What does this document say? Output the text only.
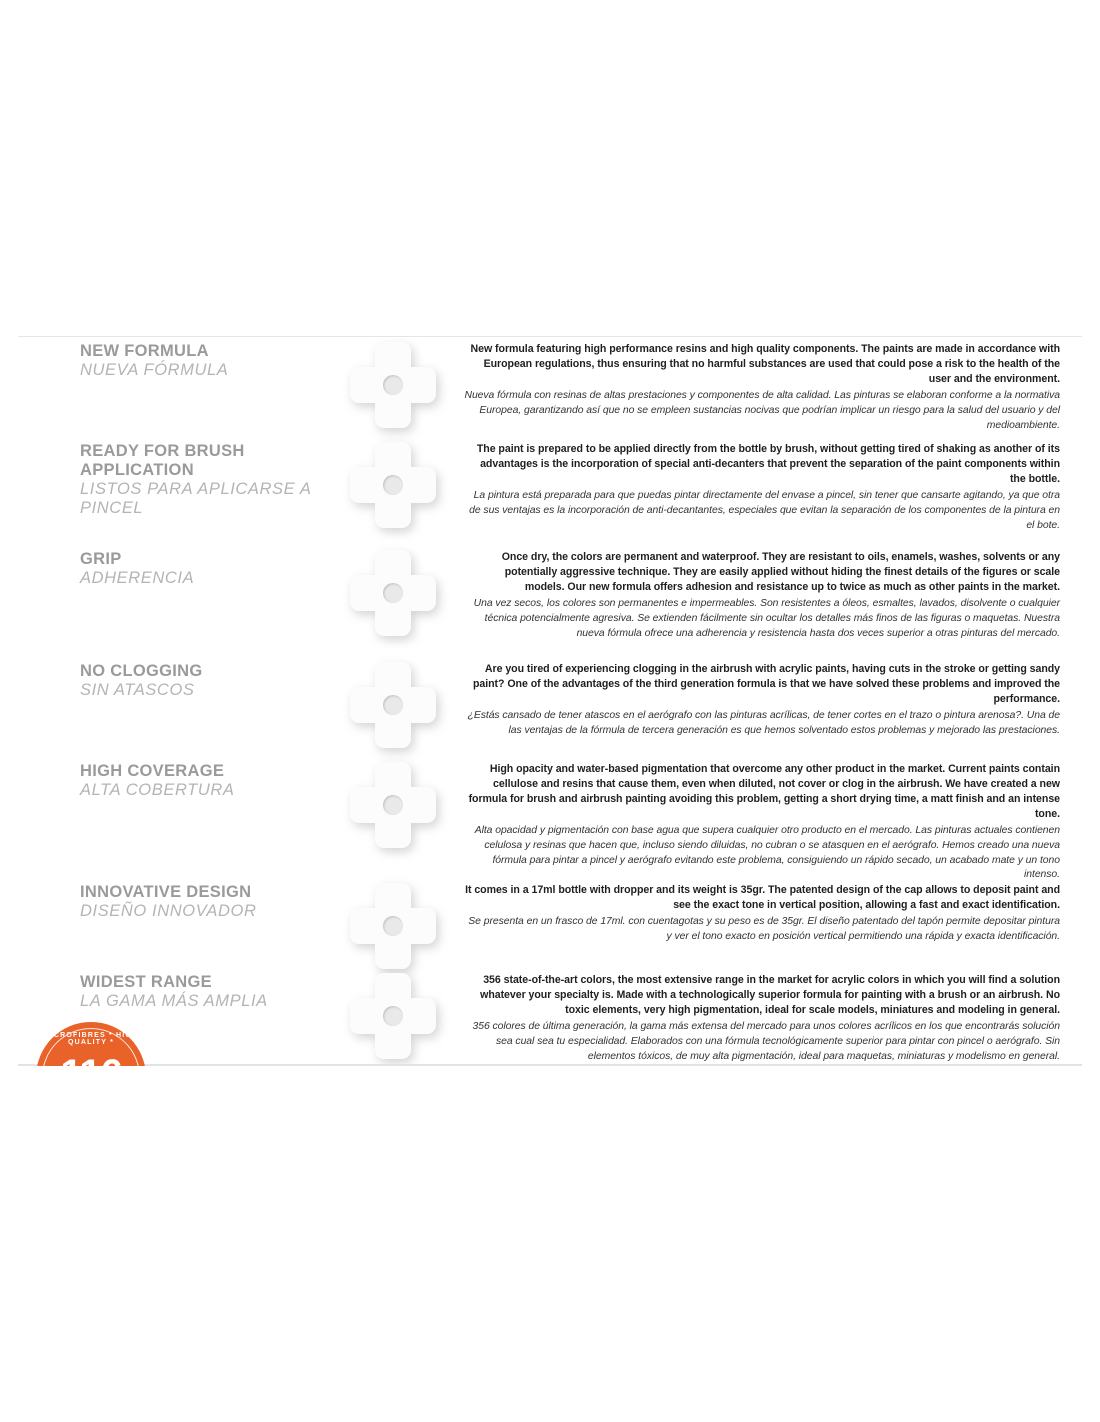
NEW FORMULA

NUEVA FÓRMULA

New formula featuring high performance resins and high quality components. The paints are made in accordance with European regulations, thus ensuring that no harmful substances are used that could pose a risk to the health of the user and the environment.

Nueva fórmula con resinas de altas prestaciones y componentes de alta calidad. Las pinturas se elaboran conforme a la normativa Europea, garantizando así que no se empleen sustancias nocivas que podrían implicar un riesgo para la salud del usuario y del medioambiente.

READY FOR BRUSH APPLICATION

LISTOS PARA APLICARSE A PINCEL

The paint is prepared to be applied directly from the bottle by brush, without getting tired of shaking as another of its advantages is the incorporation of special anti-decanters that prevent the separation of the paint components within the bottle.

La pintura está preparada para que puedas pintar directamente del envase a pincel, sin tener que cansarte agitando, ya que otra de sus ventajas es la incorporación de anti-decantantes, especiales que evitan la separación de los componentes de la pintura en el bote.

GRIP

ADHERENCIA

Once dry, the colors are permanent and waterproof. They are resistant to oils, enamels, washes, solvents or any potentially aggressive technique. They are easily applied without hiding the finest details of the figures or scale models. Our new formula offers adhesion and resistance up to twice as much as other paints in the market.

Una vez secos, los colores son permanentes e impermeables. Son resistentes a óleos, esmaltes, lavados, disolvente o cualquier técnica potencialmente agresiva. Se extienden fácilmente sin ocultar los detalles más finos de las figuras o maquetas. Nuestra nueva fórmula ofrece una adherencia y resistencia hasta dos veces superior a otras pinturas del mercado.

NO CLOGGING

SIN ATASCOS

Are you tired of experiencing clogging in the airbrush with acrylic paints, having cuts in the stroke or getting sandy paint? One of the advantages of the third generation formula is that we have solved these problems and improved the performance.

¿Estás cansado de tener atascos en el aerógrafo con las pinturas acrílicas, de tener cortes en el trazo o pintura arenosa?. Una de las ventajas de la fórmula de tercera generación es que hemos solventado estos problemas y mejorado las prestaciones.

HIGH COVERAGE

ALTA COBERTURA

High opacity and water-based pigmentation that overcome any other product in the market. Current paints contain cellulose and resins that cause them, even when diluted, not cover or clog in the airbrush. We have created a new formula for brush and airbrush painting avoiding this problem, getting a short drying time, a matt finish and an intense tone.

Alta opacidad y pigmentación con base agua que supera cualquier otro producto en el mercado. Las pinturas actuales contienen celulosa y resinas que hacen que, incluso siendo diluidas, no cubran o se atasquen en el aerógrafo. Hemos creado una nueva fórmula para pintar a pincel y aerógrafo evitando este problema, consiguiendo un rápido secado, un acabado mate y un tono intenso.

INNOVATIVE DESIGN

DISEÑO INNOVADOR

It comes in a 17ml bottle with dropper and its weight is 35gr. The patented design of the cap allows to deposit paint and see the exact tone in vertical position, allowing a fast and exact identification.

Se presenta en un frasco de 17ml. con cuentagotas y su peso es de 35gr. El diseño patentado del tapón permite depositar pintura y ver el tono exacto en posición vertical permitiendo una rápida y exacta identificación.

WIDEST RANGE

LA GAMA MÁS AMPLIA

356 state-of-the-art colors, the most extensive range in the market for acrylic colors in which you will find a solution whatever your specialty is. Made with a technologically superior formula for painting with a brush or an airbrush. No toxic elements, very high pigmentation, ideal for scale models, miniatures and modeling in general.

356 colores de última generación, la gama más extensa del mercado para unos colores acrílicos en los que encontrarás solución sea cual sea tu especialidad. Elaborados con una fórmula tecnológicamente superior para pintar con pincel o aerógrafo. Sin elementos tóxicos, de muy alta pigmentación, ideal para maquetas, miniaturas y modelismo en general.

MICROFIBRES * HIGH QUALITY *
